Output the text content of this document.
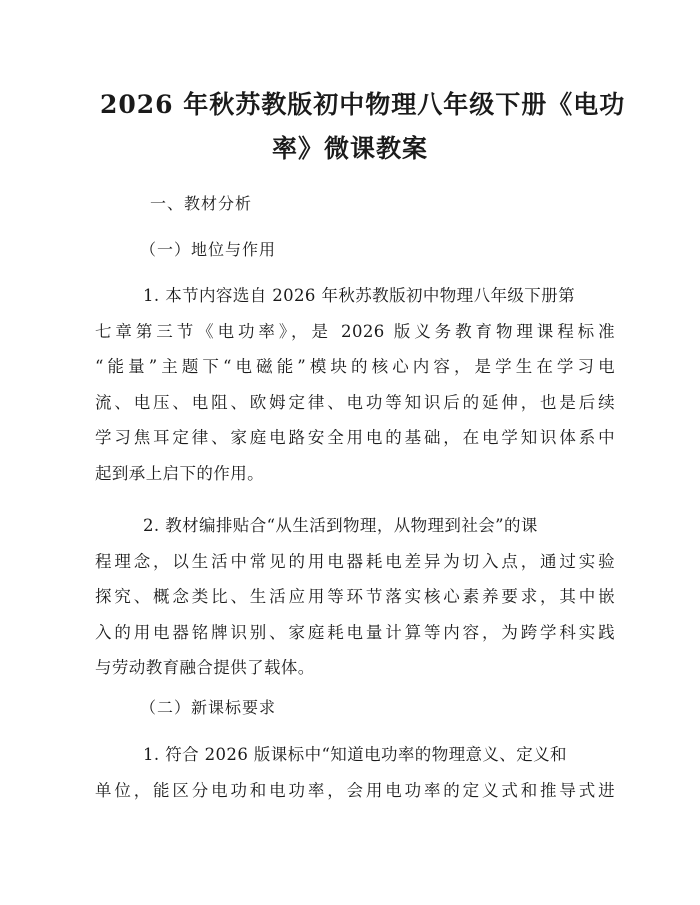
2026 年秋苏教版初中物理八年级下册《电功
率》微课教案
一、教材分析
（一）地位与作用
1. 本节内容选自 2026 年秋苏教版初中物理八年级下册第
七章第三节《电功率》，是 2026 版义务教育物理课程标准
“能量”主题下“电磁能”模块的核心内容，是学生在学习电
流、电压、电阻、欧姆定律、电功等知识后的延伸，也是后续
学习焦耳定律、家庭电路安全用电的基础，在电学知识体系中
起到承上启下的作用。
2. 教材编排贴合“从生活到物理，从物理到社会”的课
程理念，以生活中常见的用电器耗电差异为切入点，通过实验
探究、概念类比、生活应用等环节落实核心素养要求，其中嵌
入的用电器铭牌识别、家庭耗电量计算等内容，为跨学科实践
与劳动教育融合提供了载体。
（二）新课标要求
1. 符合 2026 版课标中“知道电功率的物理意义、定义和
单位，能区分电功和电功率，会用电功率的定义式和推导式进
